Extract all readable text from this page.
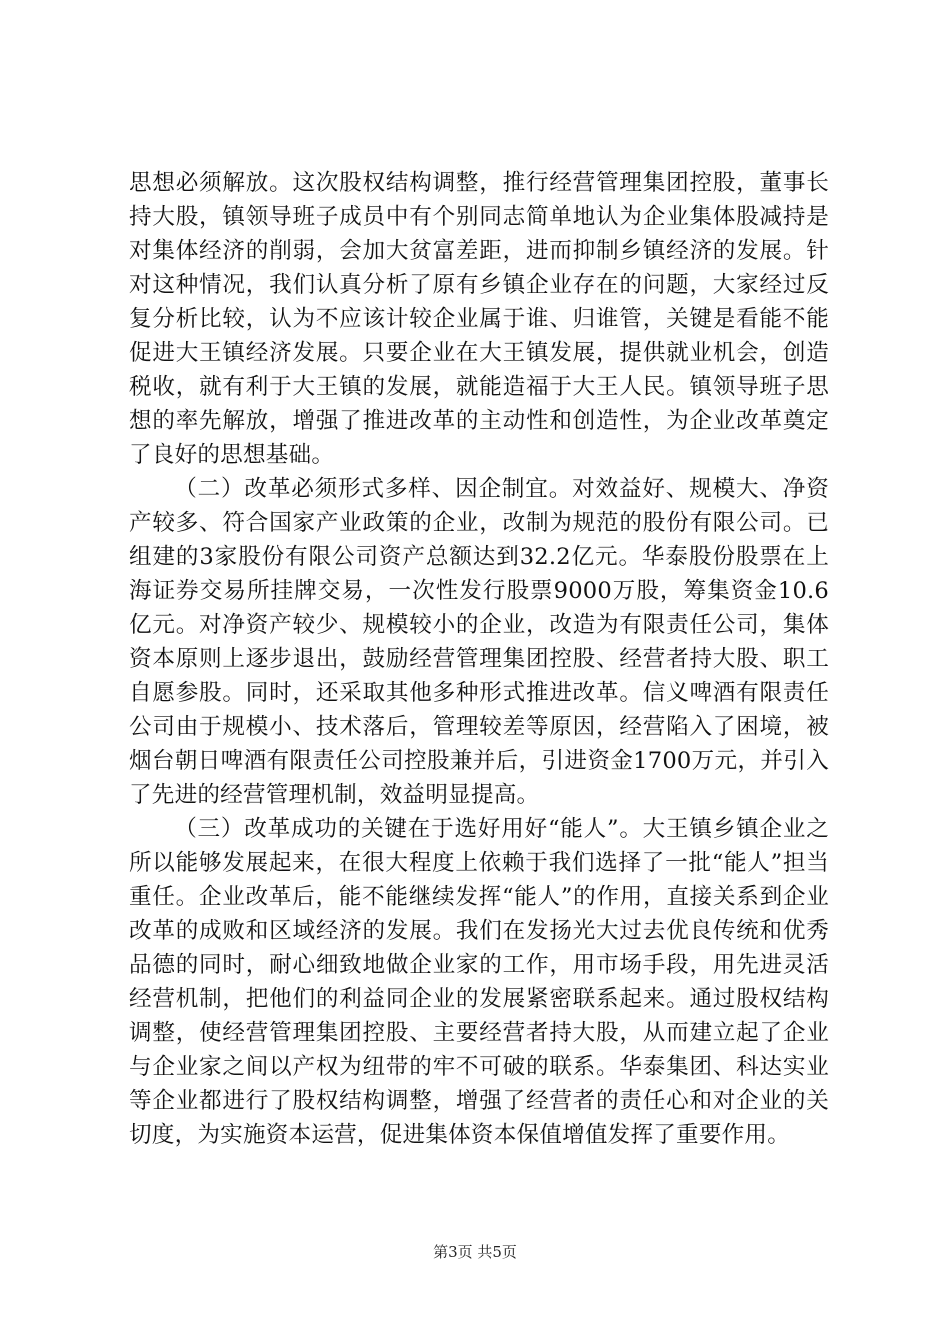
思想必须解放。这次股权结构调整，推行经营管理集团控股，董事长持大股，镇领导班子成员中有个别同志简单地认为企业集体股减持是对集体经济的削弱，会加大贫富差距，进而抑制乡镇经济的发展。针对这种情况，我们认真分析了原有乡镇企业存在的问题，大家经过反复分析比较，认为不应该计较企业属于谁、归谁管，关键是看能不能促进大王镇经济发展。只要企业在大王镇发展，提供就业机会，创造税收，就有利于大王镇的发展，就能造福于大王人民。镇领导班子思想的率先解放，增强了推进改革的主动性和创造性，为企业改革奠定了良好的思想基础。

（二）改革必须形式多样、因企制宜。对效益好、规模大、净资产较多、符合国家产业政策的企业，改制为规范的股份有限公司。已组建的3家股份有限公司资产总额达到32.2亿元。华泰股份股票在上海证券交易所挂牌交易，一次性发行股票9000万股，筹集资金10.6亿元。对净资产较少、规模较小的企业，改造为有限责任公司，集体资本原则上逐步退出，鼓励经营管理集团控股、经营者持大股、职工自愿参股。同时，还采取其他多种形式推进改革。信义啤酒有限责任公司由于规模小、技术落后，管理较差等原因，经营陷入了困境，被烟台朝日啤酒有限责任公司控股兼并后，引进资金1700万元，并引入了先进的经营管理机制，效益明显提高。

（三）改革成功的关键在于选好用好“能人”。大王镇乡镇企业之所以能够发展起来，在很大程度上依赖于我们选择了一批“能人”担当重任。企业改革后，能不能继续发挥“能人”的作用，直接关系到企业改革的成败和区域经济的发展。我们在发扬光大过去优良传统和优秀品德的同时，耐心细致地做企业家的工作，用市场手段，用先进灵活经营机制，把他们的利益同企业的发展紧密联系起来。通过股权结构调整，使经营管理集团控股、主要经营者持大股，从而建立起了企业与企业家之间以产权为纽带的牢不可破的联系。华泰集团、科达实业等企业都进行了股权结构调整，增强了经营者的责任心和对企业的关切度，为实施资本运营，促进集体资本保值增值发挥了重要作用。

第3页 共5页
